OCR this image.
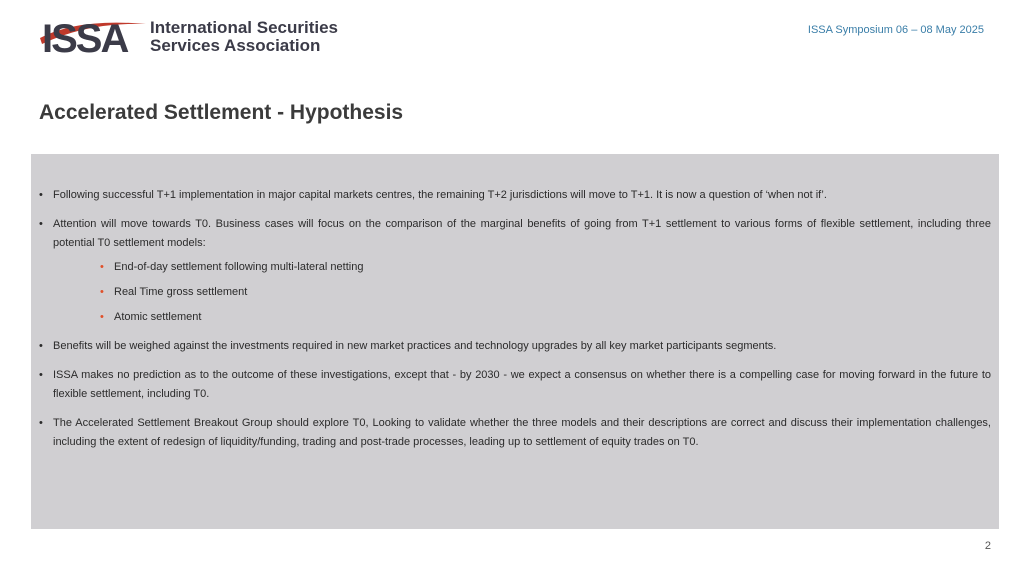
ISSA International Securities
Services Association
ISSA Symposium 06 – 08 May 2025
Accelerated Settlement - Hypothesis
• Following successful T+1 implementation in major capital markets centres, the remaining T+2 jurisdictions will move to T+1. It is now a question of ‘when not if’.
• Attention will move towards T0. Business cases will focus on the comparison of the marginal benefits of going from T+1 settlement to various forms of flexible settlement, including three potential T0 settlement models:
• End-of-day settlement following multi-lateral netting
• Real Time gross settlement
• Atomic settlement
• Benefits will be weighed against the investments required in new market practices and technology upgrades by all key market participants segments.
• ISSA makes no prediction as to the outcome of these investigations, except that - by 2030 - we expect a consensus on whether there is a compelling case for moving forward in the future to flexible settlement, including T0.
• The Accelerated Settlement Breakout Group should explore T0, Looking to validate whether the three models and their descriptions are correct and discuss their implementation challenges, including the extent of redesign of liquidity/funding, trading and post-trade processes, leading up to settlement of equity trades on T0.
2
